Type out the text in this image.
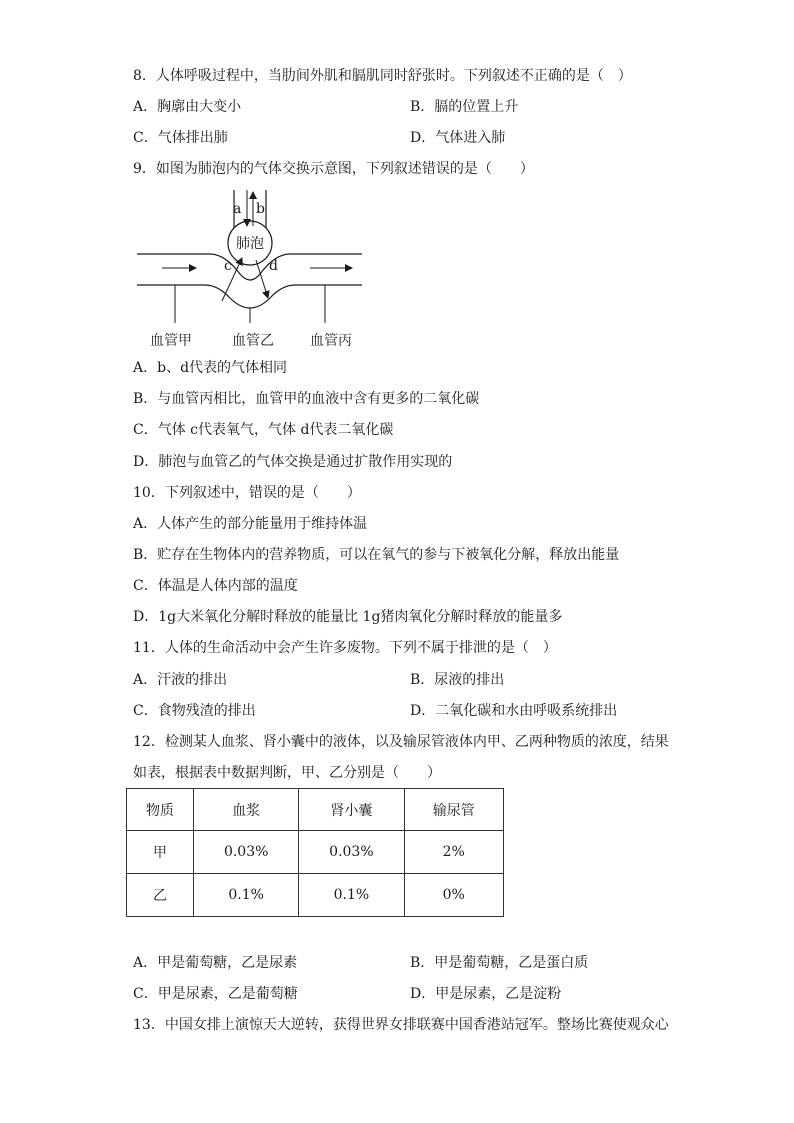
8．人体呼吸过程中，当肋间外肌和膈肌同时舒张时。下列叙述不正确的是（　）
A．胸廓由大变小	B．膈的位置上升
C．气体排出肺	D．气体进入肺
9．如图为肺泡内的气体交换示意图，下列叙述错误的是（　　）
a b
肺泡
c	d
血管甲	血管乙	血管丙
A．b、d代表的气体相同
B．与血管丙相比，血管甲的血液中含有更多的二氧化碳
C．气体 c代表氧气，气体 d代表二氧化碳
D．肺泡与血管乙的气体交换是通过扩散作用实现的
10．下列叙述中，错误的是（　　）
A．人体产生的部分能量用于维持体温
B．贮存在生物体内的营养物质，可以在氧气的参与下被氧化分解，释放出能量
C．体温是人体内部的温度
D．1g大米氧化分解时释放的能量比 1g猪肉氧化分解时释放的能量多
11．人体的生命活动中会产生许多废物。下列不属于排泄的是（　）
A．汗液的排出	B．尿液的排出
C．食物残渣的排出	D．二氧化碳和水由呼吸系统排出
12．检测某人血浆、肾小囊中的液体，以及输尿管液体内甲、乙两种物质的浓度，结果
如表，根据表中数据判断，甲、乙分别是（　　）
物质	血浆	肾小囊	输尿管
甲	0.03%	0.03%	2%
乙	0.1%	0.1%	0%
A．甲是葡萄糖，乙是尿素	B．甲是葡萄糖，乙是蛋白质
C．甲是尿素，乙是葡萄糖	D．甲是尿素，乙是淀粉
13．中国女排上演惊天大逆转，获得世界女排联赛中国香港站冠军。整场比赛使观众心
